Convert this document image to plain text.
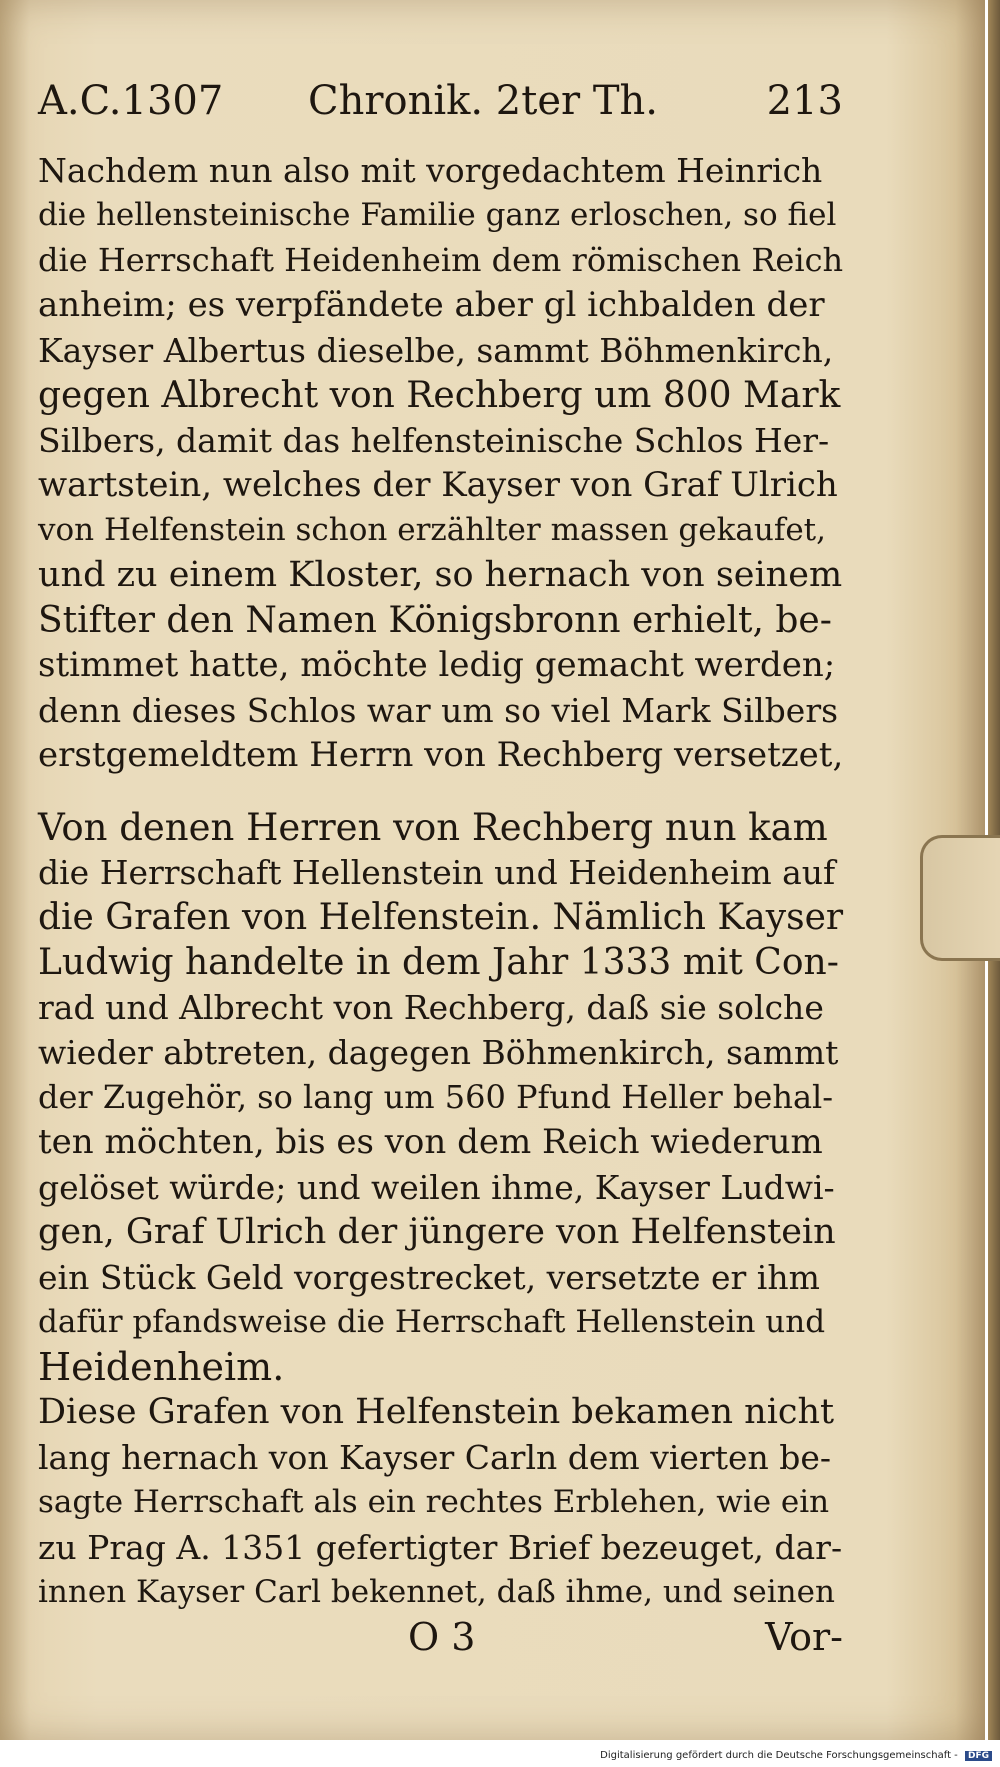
A.C.1307 Chronik. 2ter Th.	213
Nachdem nun also mit vorgedachtem Heinrich
die hellensteinische Familie ganz erloschen, so fiel
die Herrschaft Heidenheim dem römischen Reich
anheim; es verpfändete aber gl ichbalden der
Kayser Albertus dieselbe, sammt Böhmenkirch,
gegen Albrecht von Rechberg um 800 Mark
Silbers, damit das helfensteinische Schlos Her-
wartstein, welches der Kayser von Graf Ulrich
von Helfenstein schon erzählter massen gekaufet,
und zu einem Kloster, so hernach von seinem
Stifter den Namen Königsbronn erhielt, be-
stimmet hatte, möchte ledig gemacht werden;
denn dieses Schlos war um so viel Mark Silbers
erstgemeldtem Herrn von Rechberg versetzet,
Von denen Herren von Rechberg nun kam
die Herrschaft Hellenstein und Heidenheim auf
die Grafen von Helfenstein. Nämlich Kayser
Ludwig handelte in dem Jahr 1333 mit Con-
rad und Albrecht von Rechberg, daß sie solche
wieder abtreten, dagegen Böhmenkirch, sammt
der Zugehör, so lang um 560 Pfund Heller behal-
ten möchten, bis es von dem Reich wiederum
gelöset würde; und weilen ihme, Kayser Ludwi-
gen, Graf Ulrich der jüngere von Helfenstein
ein Stück Geld vorgestrecket, versetzte er ihm
dafür pfandsweise die Herrschaft Hellenstein und
Heidenheim.
Diese Grafen von Helfenstein bekamen nicht
lang hernach von Kayser Carln dem vierten be-
sagte Herrschaft als ein rechtes Erblehen, wie ein
zu Prag A. 1351 gefertigter Brief bezeuget, dar-
innen Kayser Carl bekennet, daß ihme, und seinen
O 3	Vor-
Digitalisierung gefördert durch die Deutsche Forschungsgemeinschaft - DFG
